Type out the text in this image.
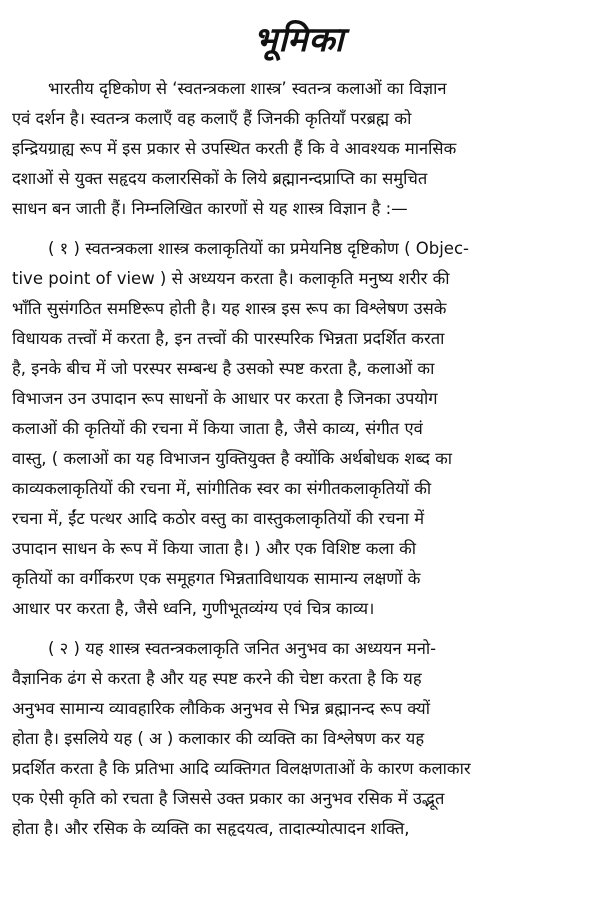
भूमिका
भारतीय दृष्टिकोण से ‘स्वतन्त्रकला शास्त्र’ स्वतन्त्र कलाओं का विज्ञान
एवं दर्शन है। स्वतन्त्र कलाएँ वह कलाएँ हैं जिनकी कृतियाँ परब्रह्म को
इन्द्रियग्राह्य रूप में इस प्रकार से उपस्थित करती हैं कि वे आवश्यक मानसिक
दशाओं से युक्त सहृदय कलारसिकों के लिये ब्रह्मानन्दप्राप्ति का समुचित
साधन बन जाती हैं। निम्नलिखित कारणों से यह शास्त्र विज्ञान है :—
( १ ) स्वतन्त्रकला शास्त्र कलाकृतियों का प्रमेयनिष्ठ दृष्टिकोण ( Objec-
tive point of view ) से अध्ययन करता है। कलाकृति मनुष्य शरीर की
भाँति सुसंगठित समष्टिरूप होती है। यह शास्त्र इस रूप का विश्लेषण उसके
विधायक तत्त्वों में करता है, इन तत्त्वों की पारस्परिक भिन्नता प्रदर्शित करता
है, इनके बीच में जो परस्पर सम्बन्ध है उसको स्पष्ट करता है, कलाओं का
विभाजन उन उपादान रूप साधनों के आधार पर करता है जिनका उपयोग
कलाओं की कृतियों की रचना में किया जाता है, जैसे काव्य, संगीत एवं
वास्तु, ( कलाओं का यह विभाजन युक्तियुक्त है क्योंकि अर्थबोधक शब्द का
काव्यकलाकृतियों की रचना में, सांगीतिक स्वर का संगीतकलाकृतियों की
रचना में, ईंट पत्थर आदि कठोर वस्तु का वास्तुकलाकृतियों की रचना में
उपादान साधन के रूप में किया जाता है। ) और एक विशिष्ट कला की
कृतियों का वर्गीकरण एक समूहगत भिन्नताविधायक सामान्य लक्षणों के
आधार पर करता है, जैसे ध्वनि, गुणीभूतव्यंग्य एवं चित्र काव्य।
( २ ) यह शास्त्र स्वतन्त्रकलाकृति जनित अनुभव का अध्ययन मनो-
वैज्ञानिक ढंग से करता है और यह स्पष्ट करने की चेष्टा करता है कि यह
अनुभव सामान्य व्यावहारिक लौकिक अनुभव से भिन्न ब्रह्मानन्द रूप क्यों
होता है। इसलिये यह ( अ ) कलाकार की व्यक्ति का विश्लेषण कर यह
प्रदर्शित करता है कि प्रतिभा आदि व्यक्तिगत विलक्षणताओं के कारण कलाकार
एक ऐसी कृति को रचता है जिससे उक्त प्रकार का अनुभव रसिक में उद्भूत
होता है। और रसिक के व्यक्ति का सहृदयत्व, तादात्म्योत्पादन शक्ति,
